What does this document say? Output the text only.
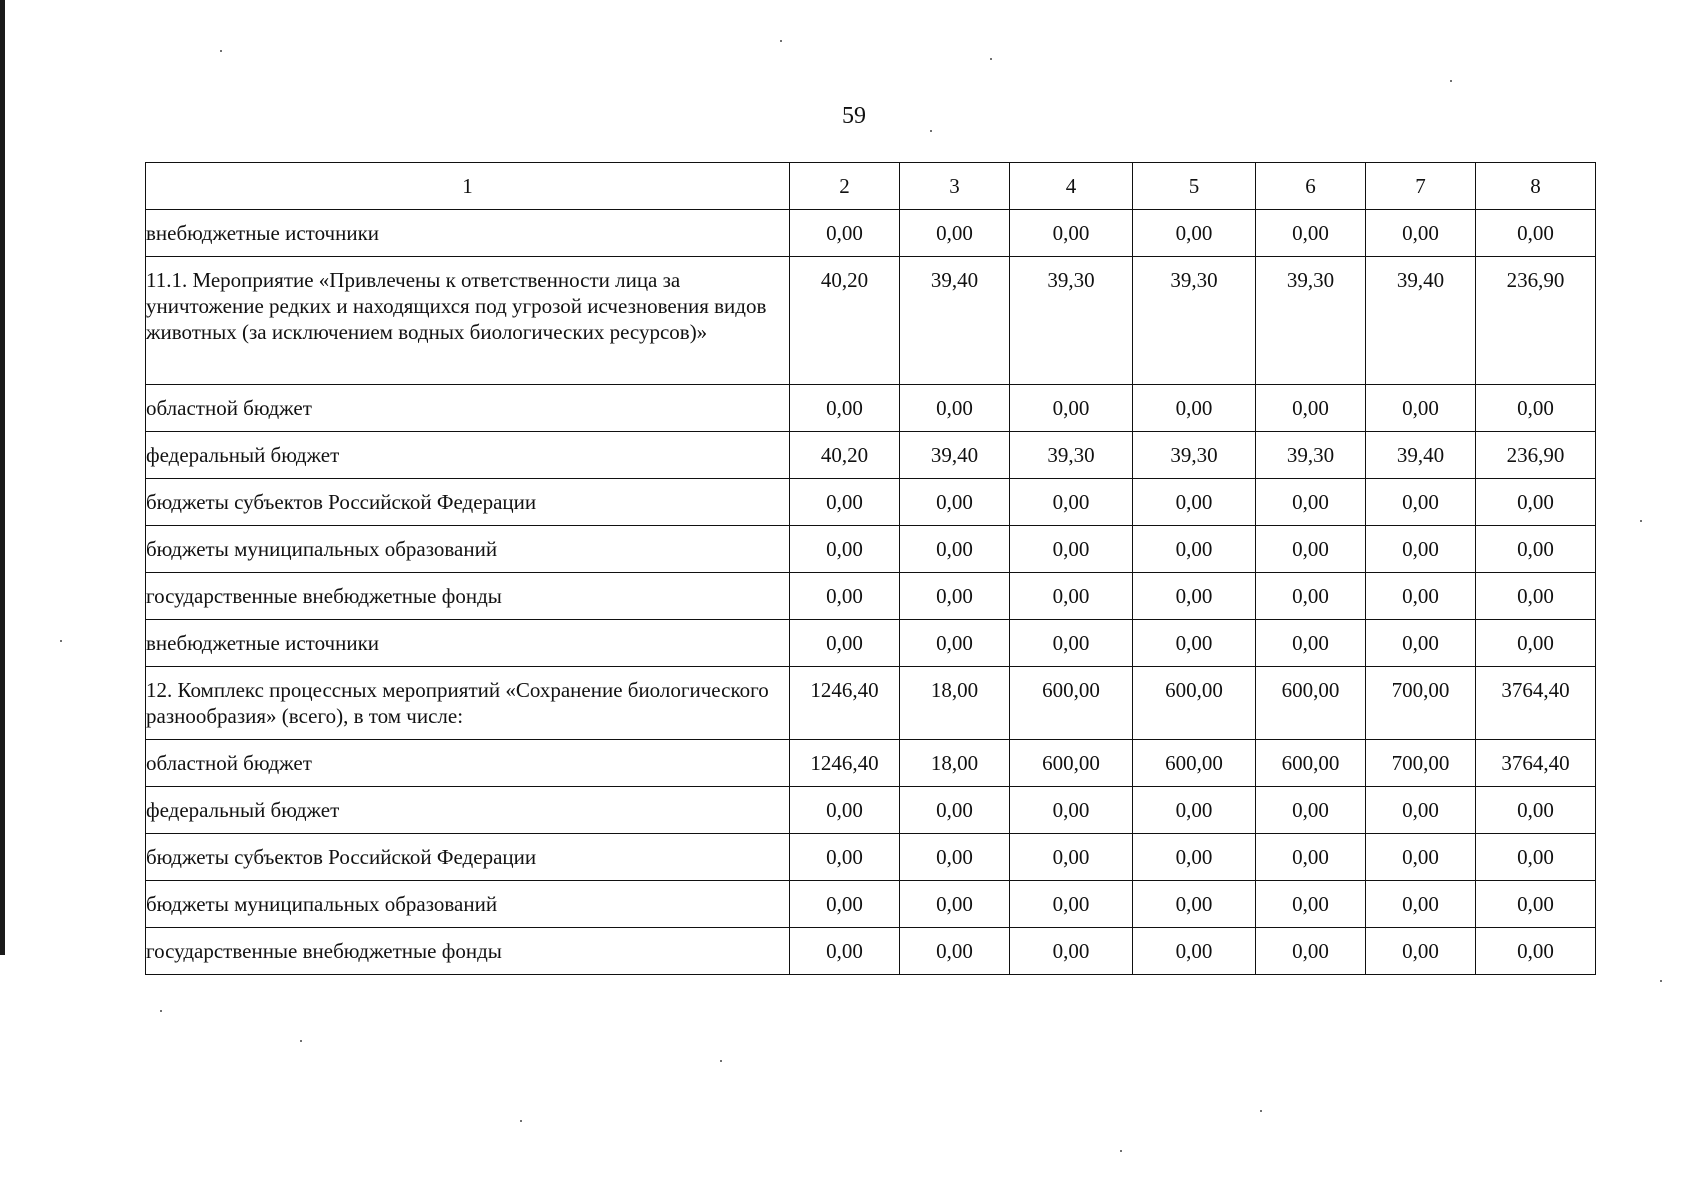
59
1	2	3	4	5	6	7	8
внебюджетные источники	0,00	0,00	0,00	0,00	0,00	0,00	0,00
11.1. Мероприятие «Привлечены к ответственности лица за уничтожение редких и находящихся под угрозой исчезновения видов животных (за исключением водных биологических ресурсов)»	40,20	39,40	39,30	39,30	39,30	39,40	236,90
областной бюджет	0,00	0,00	0,00	0,00	0,00	0,00	0,00
федеральный бюджет	40,20	39,40	39,30	39,30	39,30	39,40	236,90
бюджеты субъектов Российской Федерации	0,00	0,00	0,00	0,00	0,00	0,00	0,00
бюджеты муниципальных образований	0,00	0,00	0,00	0,00	0,00	0,00	0,00
государственные внебюджетные фонды	0,00	0,00	0,00	0,00	0,00	0,00	0,00
внебюджетные источники	0,00	0,00	0,00	0,00	0,00	0,00	0,00
12. Комплекс процессных мероприятий «Сохранение биологического разнообразия» (всего), в том числе:	1246,40	18,00	600,00	600,00	600,00	700,00	3764,40
областной бюджет	1246,40	18,00	600,00	600,00	600,00	700,00	3764,40
федеральный бюджет	0,00	0,00	0,00	0,00	0,00	0,00	0,00
бюджеты субъектов Российской Федерации	0,00	0,00	0,00	0,00	0,00	0,00	0,00
бюджеты муниципальных образований	0,00	0,00	0,00	0,00	0,00	0,00	0,00
государственные внебюджетные фонды	0,00	0,00	0,00	0,00	0,00	0,00	0,00
